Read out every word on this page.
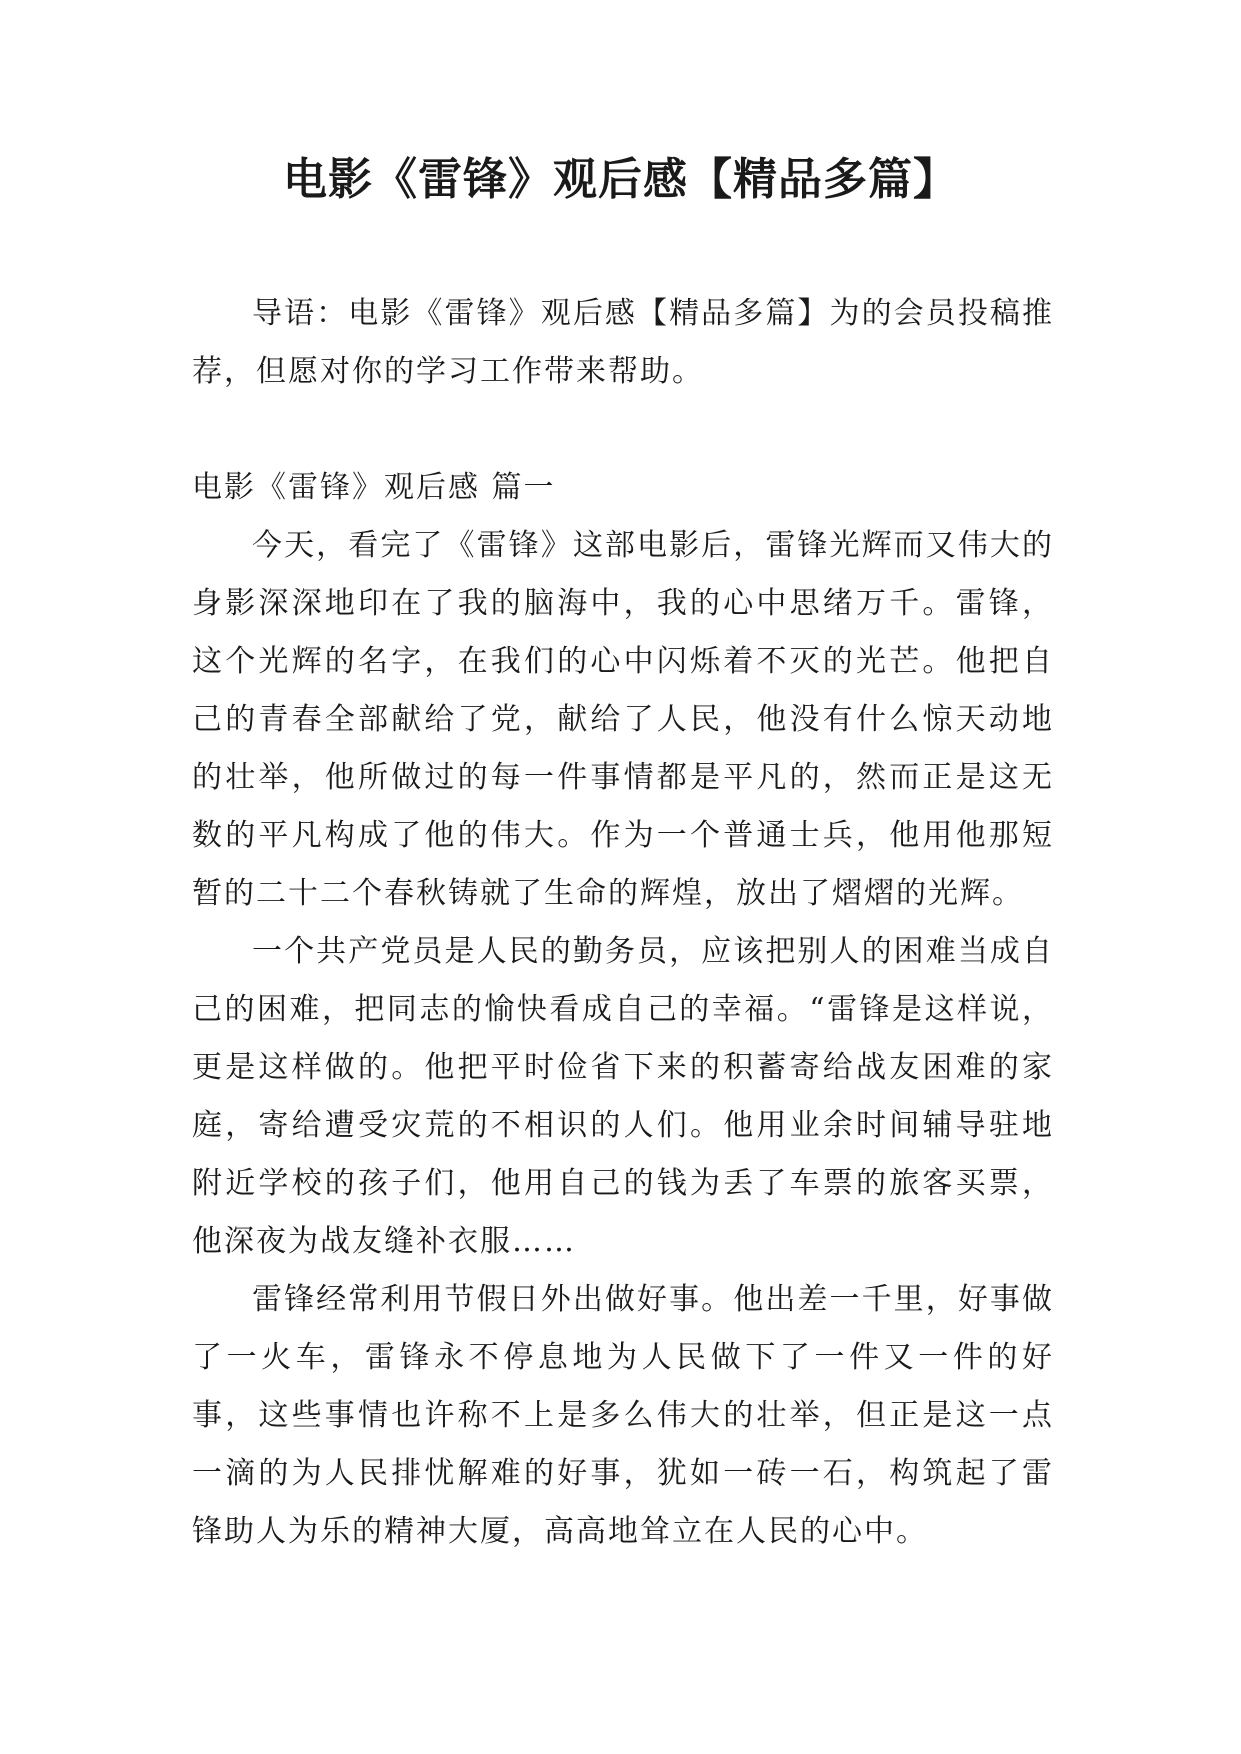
电影《雷锋》观后感【精品多篇】

导语：电影《雷锋》观后感【精品多篇】为的会员投稿推荐，但愿对你的学习工作带来帮助。

电影《雷锋》观后感 篇一

今天，看完了《雷锋》这部电影后，雷锋光辉而又伟大的身影深深地印在了我的脑海中，我的心中思绪万千。雷锋，这个光辉的名字，在我们的心中闪烁着不灭的光芒。他把自己的青春全部献给了党，献给了人民，他没有什么惊天动地的壮举，他所做过的每一件事情都是平凡的，然而正是这无数的平凡构成了他的伟大。作为一个普通士兵，他用他那短暂的二十二个春秋铸就了生命的辉煌，放出了熠熠的光辉。

一个共产党员是人民的勤务员，应该把别人的困难当成自己的困难，把同志的愉快看成自己的幸福。“雷锋是这样说，更是这样做的。他把平时俭省下来的积蓄寄给战友困难的家庭，寄给遭受灾荒的不相识的人们。他用业余时间辅导驻地附近学校的孩子们，他用自己的钱为丢了车票的旅客买票，他深夜为战友缝补衣服……

雷锋经常利用节假日外出做好事。他出差一千里，好事做了一火车，雷锋永不停息地为人民做下了一件又一件的好事，这些事情也许称不上是多么伟大的壮举，但正是这一点一滴的为人民排忧解难的好事，犹如一砖一石，构筑起了雷锋助人为乐的精神大厦，高高地耸立在人民的心中。
